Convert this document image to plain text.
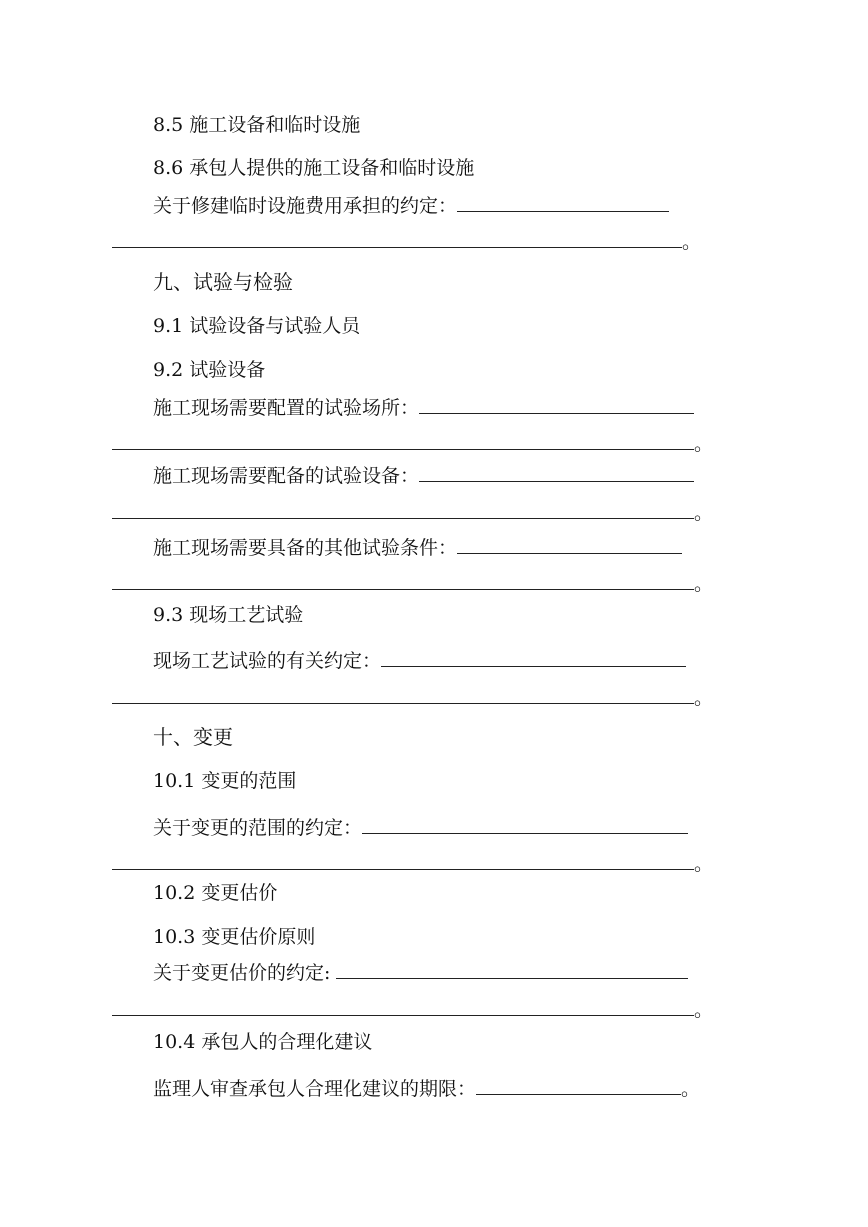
8.5 施工设备和临时设施
8.6 承包人提供的施工设备和临时设施
关于修建临时设施费用承担的约定：
。
九、试验与检验
9.1 试验设备与试验人员
9.2 试验设备
施工现场需要配置的试验场所：
。
施工现场需要配备的试验设备：
。
施工现场需要具备的其他试验条件：
。
9.3 现场工艺试验
现场工艺试验的有关约定：
。
十、变更
10.1 变更的范围
关于变更的范围的约定：
。
10.2 变更估价
10.3 变更估价原则
关于变更估价的约定:
。
10.4 承包人的合理化建议
监理人审查承包人合理化建议的期限：	。
